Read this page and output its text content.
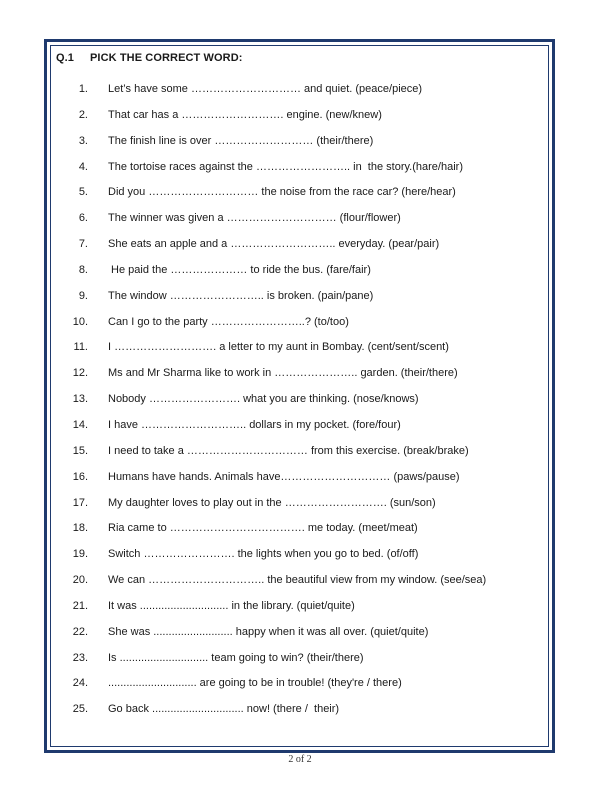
Q.1 PICK THE CORRECT WORD:
1. Let’s have some ………………………… and quiet. (peace/piece)
2. That car has a ………………………. engine. (new/knew)
3. The finish line is over ……………………… (their/there)
4. The tortoise races against the …………………….. in  the story.(hare/hair)
5. Did you ………………………… the noise from the race car? (here/hear)
6. The winner was given a ………………………… (flour/flower)
7. She eats an apple and a ……………………….. everyday. (pear/pair)
8. He paid the ………………… to ride the bus. (fare/fair)
9. The window …………………….. is broken. (pain/pane)
10. Can I go to the party ……………………..? (to/too)
11. I ………………………. a letter to my aunt in Bombay. (cent/sent/scent)
12. Ms and Mr Sharma like to work in ………………….. garden. (their/there)
13. Nobody ……………………. what you are thinking. (nose/knows)
14. I have ……………………….. dollars in my pocket. (fore/four)
15. I need to take a …………………………… from this exercise. (break/brake)
16. Humans have hands. Animals have………………………… (paws/pause)
17. My daughter loves to play out in the ………………………. (sun/son)
18. Ria came to ………………………………. me today. (meet/meat)
19. Switch ……………………. the lights when you go to bed. (of/off)
20. We can ………………………….. the beautiful view from my window. (see/sea)
21. It was ............................. in the library. (quiet/quite)
22. She was .......................... happy when it was all over. (quiet/quite)
23. Is ............................. team going to win? (their/there)
24. ............................. are going to be in trouble! (they're / there)
25. Go back .............................. now! (there /  their)
2 of 2
